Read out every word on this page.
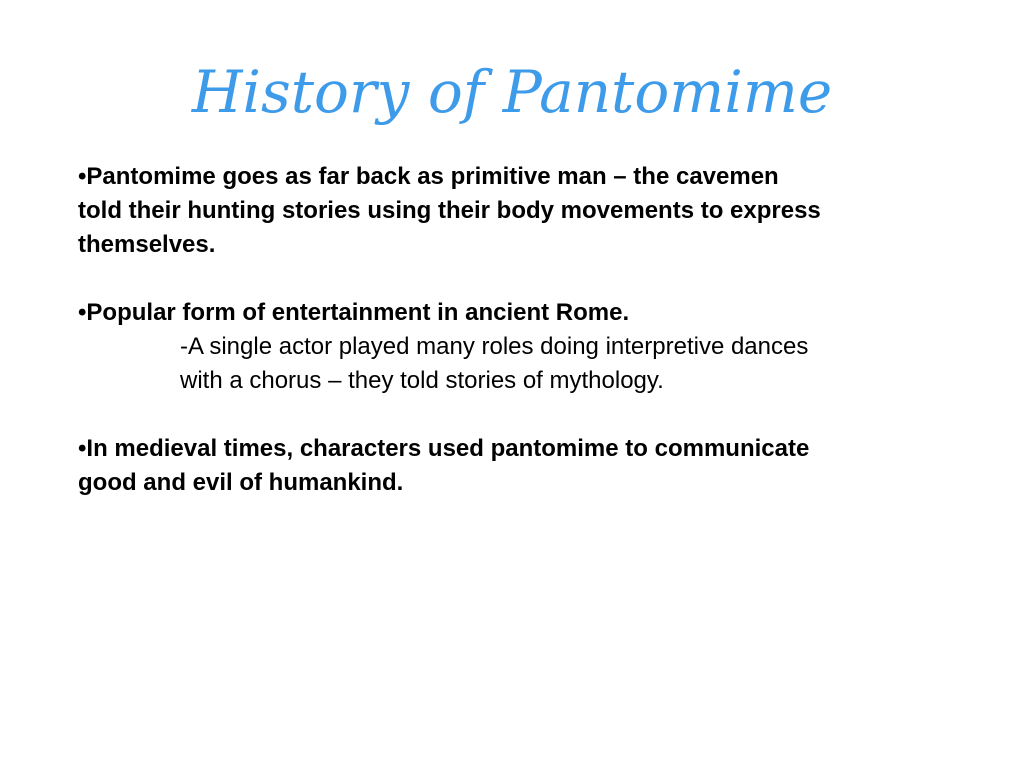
History of Pantomime

•Pantomime goes as far back as primitive man – the cavemen

told their hunting stories using their body movements to express

themselves.

•Popular form of entertainment in ancient Rome.

-A single actor played many roles doing interpretive dances

with a chorus – they told stories of mythology.

•In medieval times, characters used pantomime to communicate

good and evil of humankind.
